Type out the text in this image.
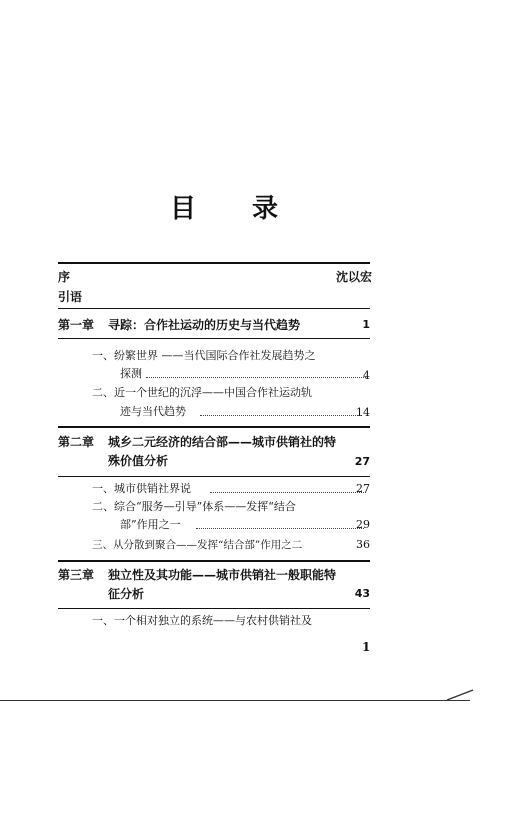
目 录
序	沈以宏
引语
第一章 寻踪：合作社运动的历史与当代趋势	1
一、纷繁世界 ——当代国际合作社发展趋势之
探测	4
二、近一个世纪的沉浮——中国合作社运动轨
迹与当代趋势	14
第二章 城乡二元经济的结合部——城市供销社的特
殊价值分析	27
一、城市供销社界说	27
二、综合“服务—引导”体系——发挥“结合
部”作用之一	29
三、从分散到聚合——发挥“结合部”作用之二	36
第三章 独立性及其功能——城市供销社一般职能特
征分析	43
一、一个相对独立的系统——与农村供销社及
1
